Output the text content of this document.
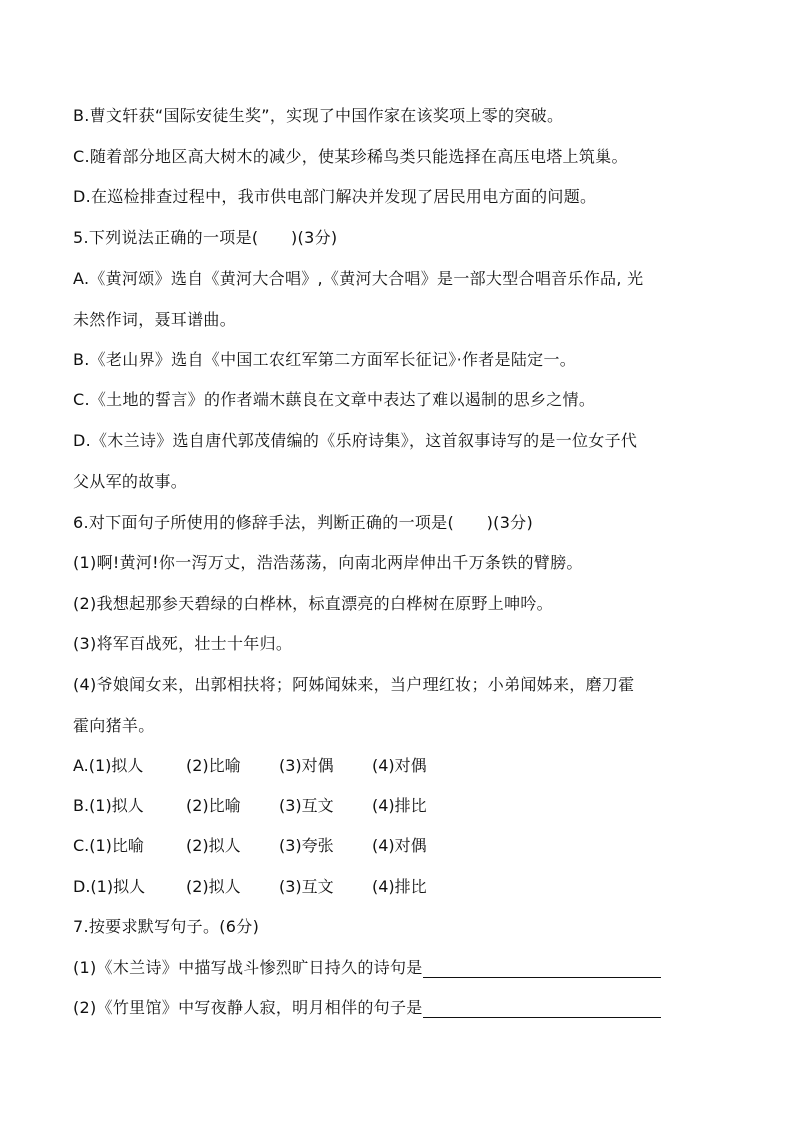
B.曹文轩获“国际安徒生奖”，实现了中国作家在该奖项上零的突破。
C.随着部分地区高大树木的减少，使某珍稀鸟类只能选择在高压电塔上筑巢。
D.在巡检排查过程中，我市供电部门解决并发现了居民用电方面的问题。
5.下列说法正确的一项是(　　)(3分)
A.《黄河颂》选自《黄河大合唱》,《黄河大合唱》是一部大型合唱音乐作品, 光
未然作词，聂耳谱曲。
B.《老山界》选自《中国工农红军第二方面军长征记》·作者是陆定一。
C.《土地的誓言》的作者端木蕻良在文章中表达了难以遏制的思乡之情。
D.《木兰诗》选自唐代郭茂倩编的《乐府诗集》，这首叙事诗写的是一位女子代
父从军的故事。
6.对下面句子所使用的修辞手法，判断正确的一项是(　　)(3分)
(1)啊!黄河!你一泻万丈，浩浩荡荡，向南北两岸伸出千万条铁的臂膀。
(2)我想起那参天碧绿的白桦林，标直漂亮的白桦树在原野上呻吟。
(3)将军百战死，壮士十年归。
(4)爷娘闻女来，出郭相扶将；阿姊闻妹来，当户理红妆；小弟闻姊来，磨刀霍
霍向猪羊。
A.(1)拟人	(2)比喻 (3)对偶 (4)对偶
B.(1)拟人	(2)比喻 (3)互文 (4)排比
C.(1)比喻	(2)拟人 (3)夸张 (4)对偶
D.(1)拟人	(2)拟人 (3)互文 (4)排比
7.按要求默写句子。(6分)
(1)《木兰诗》中描写战斗惨烈旷日持久的诗句是
(2)《竹里馆》中写夜静人寂，明月相伴的句子是
